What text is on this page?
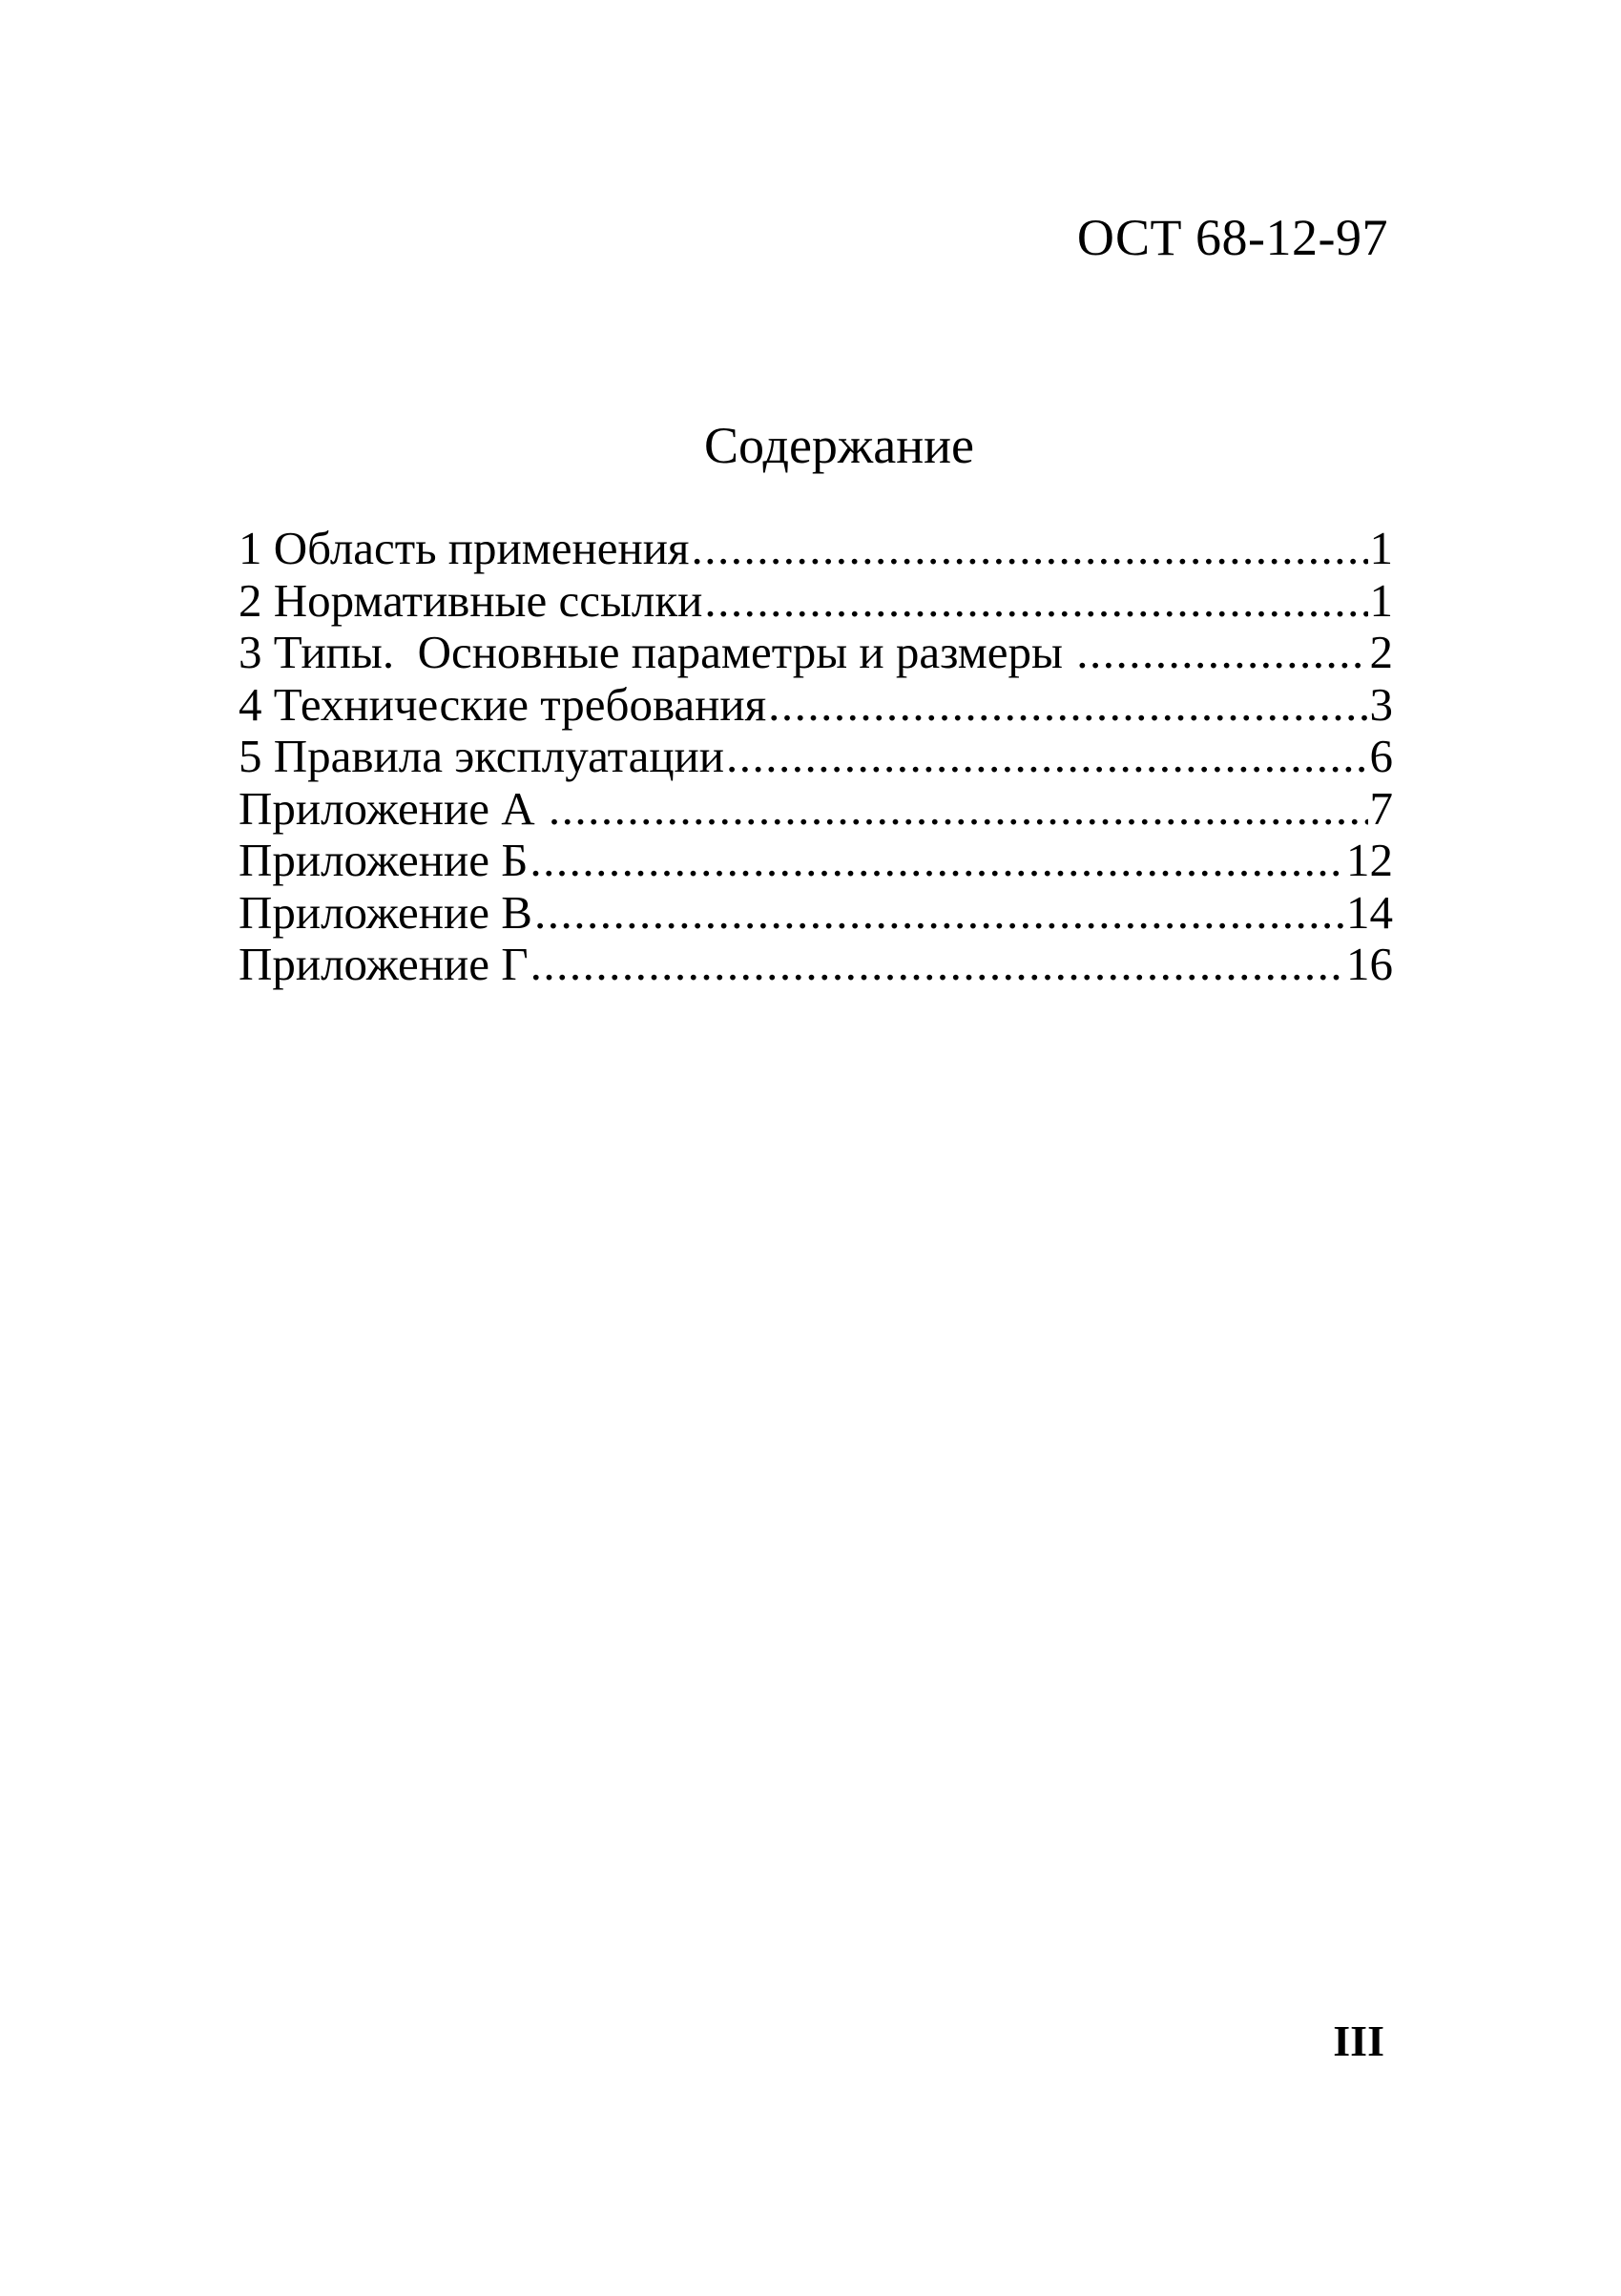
ОСТ 68-12-97
Содержание
1 Область применения .....	1
2 Нормативные ссылки .....	1
3 Типы.  Основные параметры и размеры .....	2
4 Технические требования .....	3
5 Правила эксплуатации .....	6
Приложение А .....	7
Приложение Б .....	12
Приложение В .....	14
Приложение Г .....	16
III
